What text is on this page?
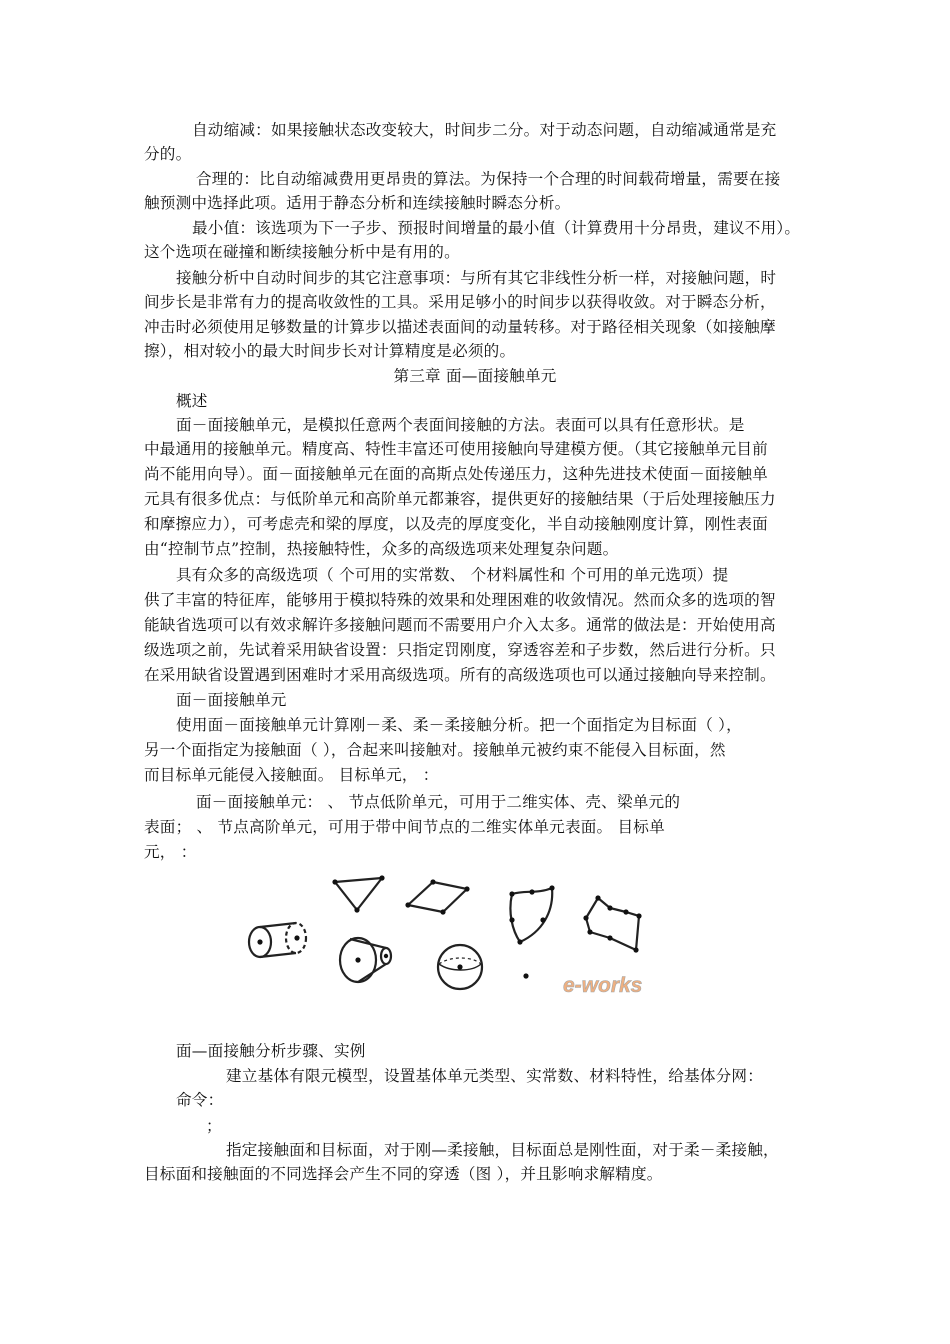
自动缩减：如果接触状态改变较大，时间步二分。对于动态问题，自动缩减通常是充
分的。
合理的：比自动缩减费用更昂贵的算法。为保持一个合理的时间载荷增量，需要在接
触预测中选择此项。适用于静态分析和连续接触时瞬态分析。
最小值：该选项为下一子步、预报时间增量的最小值（计算费用十分昂贵，建议不用）。
这个选项在碰撞和断续接触分析中是有用的。
接触分析中自动时间步的其它注意事项：与所有其它非线性分析一样，对接触问题，时
间步长是非常有力的提高收敛性的工具。采用足够小的时间步以获得收敛。对于瞬态分析，
冲击时必须使用足够数量的计算步以描述表面间的动量转移。对于路径相关现象（如接触摩
擦），相对较小的最大时间步长对计算精度是必须的。
第三章 面—面接触单元
概述
面－面接触单元，是模拟任意两个表面间接触的方法。表面可以具有任意形状。是
中最通用的接触单元。精度高、特性丰富还可使用接触向导建模方便。（其它接触单元目前
尚不能用向导）。面－面接触单元在面的高斯点处传递压力，这种先进技术使面－面接触单
元具有很多优点：与低阶单元和高阶单元都兼容，提供更好的接触结果（于后处理接触压力
和摩擦应力），可考虑壳和梁的厚度，以及壳的厚度变化，半自动接触刚度计算，刚性表面
由“控制节点”控制，热接触特性，众多的高级选项来处理复杂问题。
具有众多的高级选项（ 个可用的实常数、 个材料属性和 个可用的单元选项）提
供了丰富的特征库，能够用于模拟特殊的效果和处理困难的收敛情况。然而众多的选项的智
能缺省选项可以有效求解许多接触问题而不需要用户介入太多。通常的做法是：开始使用高
级选项之前，先试着采用缺省设置：只指定罚刚度，穿透容差和子步数，然后进行分析。只
在采用缺省设置遇到困难时才采用高级选项。所有的高级选项也可以通过接触向导来控制。
面－面接触单元
使用面－面接触单元计算刚－柔、柔－柔接触分析。把一个面指定为目标面（ ），
另一个面指定为接触面（ ），合起来叫接触对。接触单元被约束不能侵入目标面，然
而目标单元能侵入接触面。 目标单元， ：
面－面接触单元： 、 节点低阶单元，可用于二维实体、壳、梁单元的
表面； 、 节点高阶单元，可用于带中间节点的二维实体单元表面。 目标单
元， ：
e-works
面—面接触分析步骤、实例
建立基体有限元模型，设置基体单元类型、实常数、材料特性，给基体分网：
命令：
；
指定接触面和目标面，对于刚—柔接触，目标面总是刚性面，对于柔－柔接触，
目标面和接触面的不同选择会产生不同的穿透（图 ），并且影响求解精度。
